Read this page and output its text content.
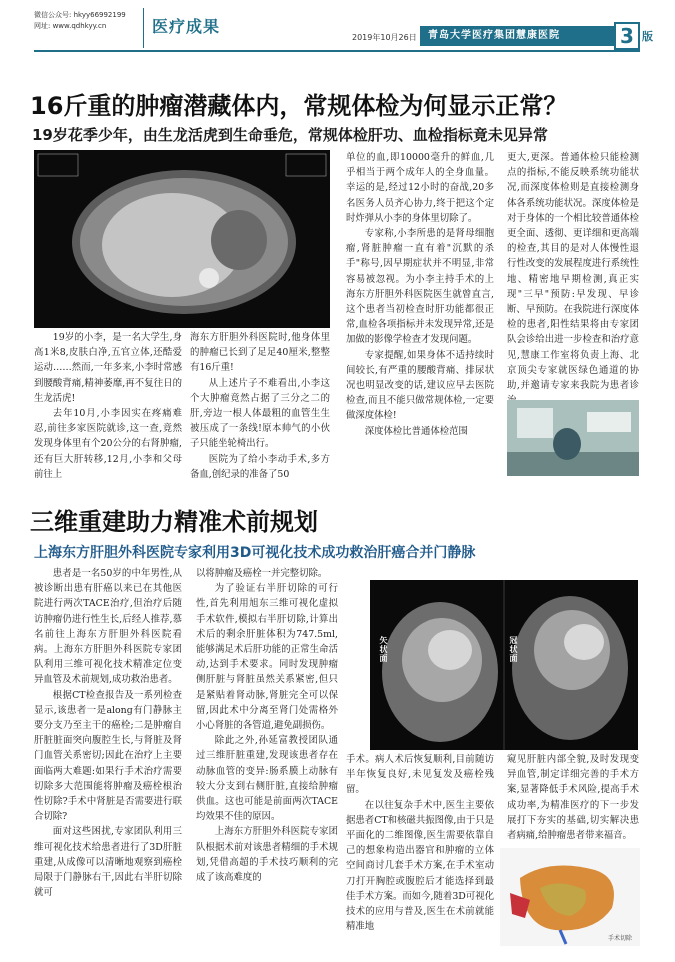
微信公众号: hkyy66992199
网址: www.qdhkyy.cn	医疗成果
2019年10月26日	青岛大学医疗集团慧康医院	3 版
16斤重的肿瘤潜藏体内，常规体检为何显示正常？
19岁花季少年，由生龙活虎到生命垂危，常规体检肝功、血检指标竟未见异常

19岁的小李，是一名大学生,身高1米8,皮肤白净,五官立体,还酷爱运动……然而,一年多来,小李时常感到腰酸背痛,精神萎靡,再不复往日的生龙活虎!

去年10月,小李因实在疼痛难忍,前往多家医院就诊,这一查,竟然发现身体里有个20公分的右肾肿瘤,还有巨大肝转移,12月,小李和父母前往上

海东方肝胆外科医院时,他身体里的肿瘤已长到了足足40厘米,整整有16斤重!

从上述片子不难看出,小李这个大肿瘤竟然占据了三分之二的肝,旁边一根人体最粗的血管生生被压成了一条线!原本帅气的小伙子只能坐轮椅出行。

医院为了给小李动手术,多方备血,创纪录的准备了50

单位的血,即10000毫升的鲜血,几乎相当于两个成年人的全身血量。幸运的是,经过12小时的奋战,20多名医务人员齐心协力,终于把这个定时炸弹从小李的身体里切除了。

专家称,小李所患的是肾母细胞瘤,肾脏肿瘤一直有着"沉默的杀手"称号,因早期症状并不明显,非常容易被忽视。为小李主持手术的上海东方肝胆外科医院医生就曾直言,这个患者当初检查时肝功能都很正常,血检各项指标并未发现异常,还是加做的影像学检查才发现问题。

专家提醒,如果身体不适持续时间较长,有严重的腰酸背痛、排尿状况也明显改变的话,建议应早去医院检查,而且不能只做常规体检,一定要做深度体检!

深度体检比普通体检范围

更大,更深。普通体检只能检测点的指标,不能反映系统功能状况,而深度体检则是直接检测身体各系统功能状况。深度体检是对于身体的一个相比较普通体检更全面、透彻、更详细和更高端的检查,其目的是对人体慢性退行性改变的发展程度进行系统性地、精密地早期检测,真正实现"三早"预防:早发现、早诊断、早预防。在我院进行深度体检的患者,阳性结果将由专家团队会诊给出进一步检查和治疗意见,慧康工作室将负责上海、北京顶尖专家就医绿色通道的协助,并邀请专家来我院为患者诊

三维重建助力精准术前规划
上海东方肝胆外科医院专家利用3D可视化技术成功救治肝癌合并门静脉

患者是一名50岁的中年男性,从被诊断出患有肝癌以来已在其他医院进行两次TACE治疗,但治疗后随访肿瘤仍进行性生长,后经人推荐,慕名前往上海东方肝胆外科医院看病。上海东方肝胆外科医院专家团队利用三维可视化技术精准定位变异血管及术前规划,成功救治患者。

根据CT检查报告及一系列检查显示,该患者一是along有门静脉主要分支乃至主干的癌栓;二是肿瘤自肝脏脏面突向腹腔生长,与肾脏及肾门血管关系密切;因此在治疗上主要面临两大难题:如果行手术治疗需要切除多大范围能将肿瘤及癌栓根治性切除?手术中肾脏是否需要进行联合切除?

面对这些困扰,专家团队利用三维可视化技术给患者进行了3D肝脏重建,从成像可以清晰地观察到癌栓局限于门静脉右干,因此右半肝切除就可

以将肿瘤及癌栓一并完整切除。

为了验证右半肝切除的可行性,首先利用旭东三维可视化虚拟手术软件,模拟右半肝切除,计算出术后的剩余肝脏体积为747.5ml,能够满足术后肝功能的正常生命活动,达到手术要求。同时发现肿瘤侧肝脏与肾脏虽然关系紧密,但只是紧贴着肾动脉,肾脏完全可以保留,因此术中分离至肾门处需格外小心肾脏的各管道,避免副损伤。

除此之外,孙延富教授团队通过三维肝脏重建,发现该患者存在动脉血管的变异:肠系膜上动脉有较大分支到右侧肝脏,直接给肿瘤供血。这也可能是前面两次TACE均效果不佳的原因。

上海东方肝胆外科医院专家团队根据术前对该患者精细的手术规划,凭借高超的手术技巧顺利的完成了该高难度的

矢状面	冠状面

手术。病人术后恢复顺利,目前随访半年恢复良好,未见复发及癌栓残留。

在以往复杂手术中,医生主要依据患者CT和核磁共振图像,由于只是平面化的二维图像,医生需要依靠自己的想象构造出器官和肿瘤的立体空间商讨几套手术方案,在手术室动刀打开胸腔或腹腔后才能选择到最佳手术方案。而如今,随着3D可视化技术的应用与普及,医生在术前就能精准地

窥见肝脏内部全貌,及时发现变异血管,制定详细完善的手术方案,显著降低手术风险,提高手术成功率,为精准医疗的下一步发展打下夯实的基础,切实解决患者病痛,给肿瘤患者带来福音。

手术切除
